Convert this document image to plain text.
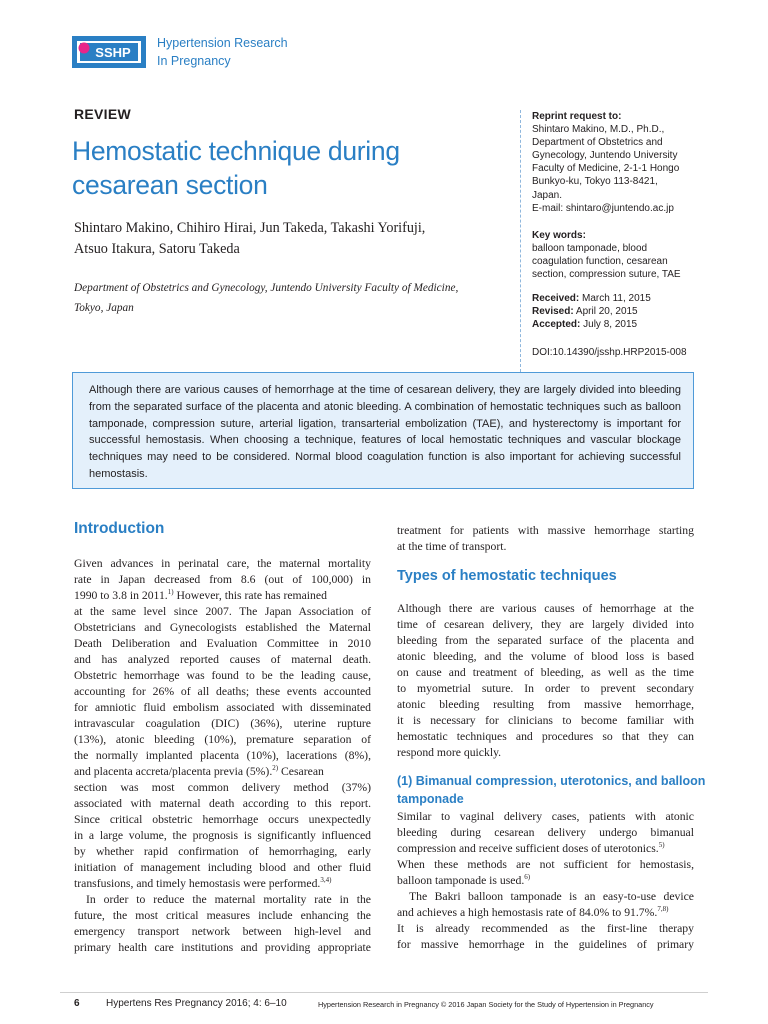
SSHP
Hypertension Research
In Pregnancy
REVIEW
Hemostatic technique during
cesarean section
Shintaro Makino, Chihiro Hirai, Jun Takeda, Takashi Yorifuji,
Atsuo Itakura, Satoru Takeda
Department of Obstetrics and Gynecology, Juntendo University Faculty of Medicine,
Tokyo, Japan
Reprint request to:
Shintaro Makino, M.D., Ph.D.,
Department of Obstetrics and
Gynecology, Juntendo University
Faculty of Medicine, 2-1-1 Hongo
Bunkyo-ku, Tokyo 113-8421,
Japan.
E-mail: shintaro@juntendo.ac.jp
Key words:
balloon tamponade, blood
coagulation function, cesarean
section, compression suture, TAE
Received: March 11, 2015
Revised: April 20, 2015
Accepted: July 8, 2015
DOI:10.14390/jsshp.HRP2015-008
Although there are various causes of hemorrhage at the time of cesarean delivery, they are largely divided into bleeding from the separated surface of the placenta and atonic bleeding. A combination of hemostatic techniques such as balloon tamponade, compression suture, arterial ligation, transarterial embolization (TAE), and hysterectomy is important for successful hemostasis. When choosing a technique, features of local hemostatic techniques and vascular blockage techniques may need to be considered. Normal blood coagulation function is also important for achieving successful hemostasis.
Introduction
Given advances in perinatal care, the maternal mortality
rate in Japan decreased from 8.6 (out of 100,000) in
1990 to 3.8 in 2011.$^{1)}$ However, this rate has remained
at the same level since 2007. The Japan Association of
Obstetricians and Gynecologists established the Maternal
Death Deliberation and Evaluation Committee in 2010
and has analyzed reported causes of maternal death.
Obstetric hemorrhage was found to be the leading cause,
accounting for 26% of all deaths; these events accounted
for amniotic fluid embolism associated with disseminated
intravascular coagulation (DIC) (36%), uterine rupture
(13%), atonic bleeding (10%), premature separation of
the normally implanted placenta (10%), lacerations (8%),
and placenta accreta/placenta previa (5%).$^{2)}$ Cesarean
section was most common delivery method (37%)
associated with maternal death according to this report.
Since critical obstetric hemorrhage occurs unexpectedly
in a large volume, the prognosis is significantly influenced
by whether rapid confirmation of hemorrhaging, early
initiation of management including blood and other fluid
transfusions, and timely hemostasis were performed.$^{3,4)}$
In order to reduce the maternal mortality rate in the
future, the most critical measures include enhancing the
emergency transport network between high-level and
primary health care institutions and providing appropriate
treatment for patients with massive hemorrhage starting
at the time of transport.
Types of hemostatic techniques
Although there are various causes of hemorrhage at the
time of cesarean delivery, they are largely divided into
bleeding from the separated surface of the placenta and
atonic bleeding, and the volume of blood loss is based
on cause and treatment of bleeding, as well as the time
to myometrial suture. In order to prevent secondary
atonic bleeding resulting from massive hemorrhage,
it is necessary for clinicians to become familiar with
hemostatic techniques and procedures so that they can
respond more quickly.
(1) Bimanual compression, uterotonics, and balloon
tamponade
Similar to vaginal delivery cases, patients with atonic
bleeding during cesarean delivery undergo bimanual
compression and receive sufficient doses of uterotonics.$^{5)}$
When these methods are not sufficient for hemostasis,
balloon tamponade is used.$^{6)}$
The Bakri balloon tamponade is an easy-to-use device
and achieves a high hemostasis rate of 84.0% to 91.7%.$^{7,8)}$
It is already recommended as the first-line therapy
for massive hemorrhage in the guidelines of primary
6	Hypertens Res Pregnancy 2016; 4: 6–10	Hypertension Research in Pregnancy © 2016 Japan Society for the Study of Hypertension in Pregnancy
